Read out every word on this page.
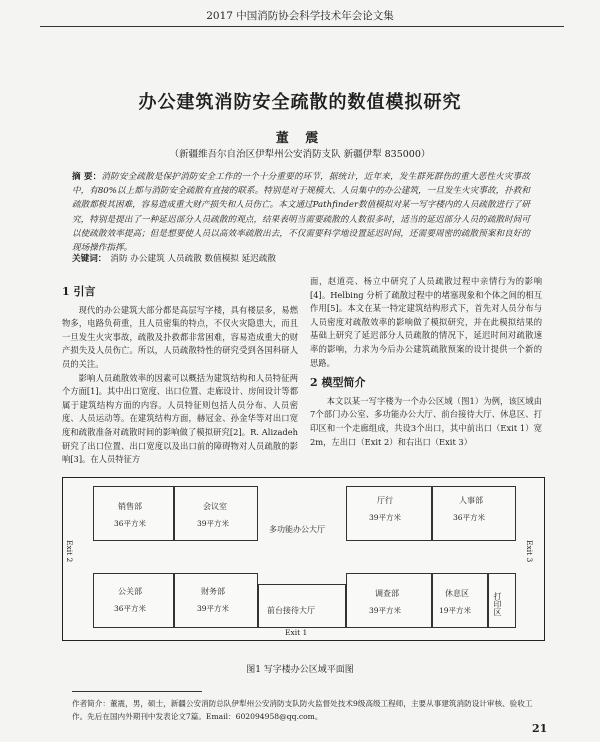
2017 中国消防协会科学技术年会论文集
办公建筑消防安全疏散的数值模拟研究
董 震
（新疆维吾尔自治区伊犁州公安消防支队 新疆伊犁 835000）
摘 要：消防安全疏散是保护消防安全工作的一个十分重要的环节，据统计，近年来，发生群死群伤的重大恶性火灾事故中，有80%以上都与消防安全疏散有直接的联系。特别是对于规模大、人员集中的办公建筑，一旦发生火灾事故，扑救和疏散都极其困难，容易造成重大财产损失和人员伤亡。本文通过Pathfinder数值模拟对某一写字楼内的人员疏散进行了研究，特别是提出了一种延迟部分人员疏散的观点，结果表明当需要疏散的人数很多时，适当的延迟部分人员的疏散时间可以使疏散效率提高；但是想要使人员以高效率疏散出去，不仅需要科学地设置延迟时间，还需要周密的疏散预案和良好的现场操作指挥。
关键词： 消防 办公建筑 人员疏散 数值模拟 延迟疏散
1 引言

现代的办公建筑大部分都是高层写字楼，具有楼层多，易燃物多，电路负荷重，且人员密集的特点，不仅火灾隐患大，而且一旦发生火灾事故，疏散及扑救都非常困难，容易造成重大的财产损失及人员伤亡。所以，人员疏散特性的研究受到各国科研人员的关注。

影响人员疏散效率的因素可以概括为建筑结构和人员特征两个方面[1]。其中出口宽度、出口位置、走廊设计、房间设计等都属于建筑结构方面的内容。人员特征则包括人员分布、人员密度、人员运动等。在建筑结构方面，赫冠金、孙金华等对出口宽度和疏散准备对疏散时间的影响做了模拟研究[2]。R. Alizadeh 研究了出口位置、出口宽度以及出口前的障碍物对人员疏散的影响[3]。在人员特征方

面，赵道亮、杨立中研究了人员疏散过程中亲情行为的影响[4]。Helbing 分析了疏散过程中的堵塞现象和个体之间的相互作用[5]。本文在某一特定建筑结构形式下，首先对人员分布与人员密度对疏散效率的影响做了模拟研究，并在此模拟结果的基础上研究了延迟部分人员疏散的情况下，延迟时间对疏散速率的影响，力求为今后办公建筑疏散预案的设计提供一个新的思路。

2 模型简介

本文以某一写字楼为一个办公区域（图1）为例，该区域由7个部门办公室、多功能办公大厅、前台接待大厅、休息区、打印区和一个走廊组成，共设3个出口，其中前出口（Exit 1）宽2m，左出口（Exit 2）和右出口（Exit 3）

销售部
36平方米
会议室
39平方米
厅行
39平方米
人事部
36平方米
多功能办公大厅
公关部
36平方米
财务部
39平方米	前台接待大厅
调查部
39平方米
休息区
19平方米	打印区
Exit 2	Exit 3
Exit 1
图1 写字楼办公区域平面图
作者简介：董震，男，硕士，新疆公安消防总队伊犁州公安消防支队防火监督处技术9级高级工程师，主要从事建筑消防设计审核、验收工作。先后在国内外期刊中发表论文7篇。Email：602094958@qq.com。
21
